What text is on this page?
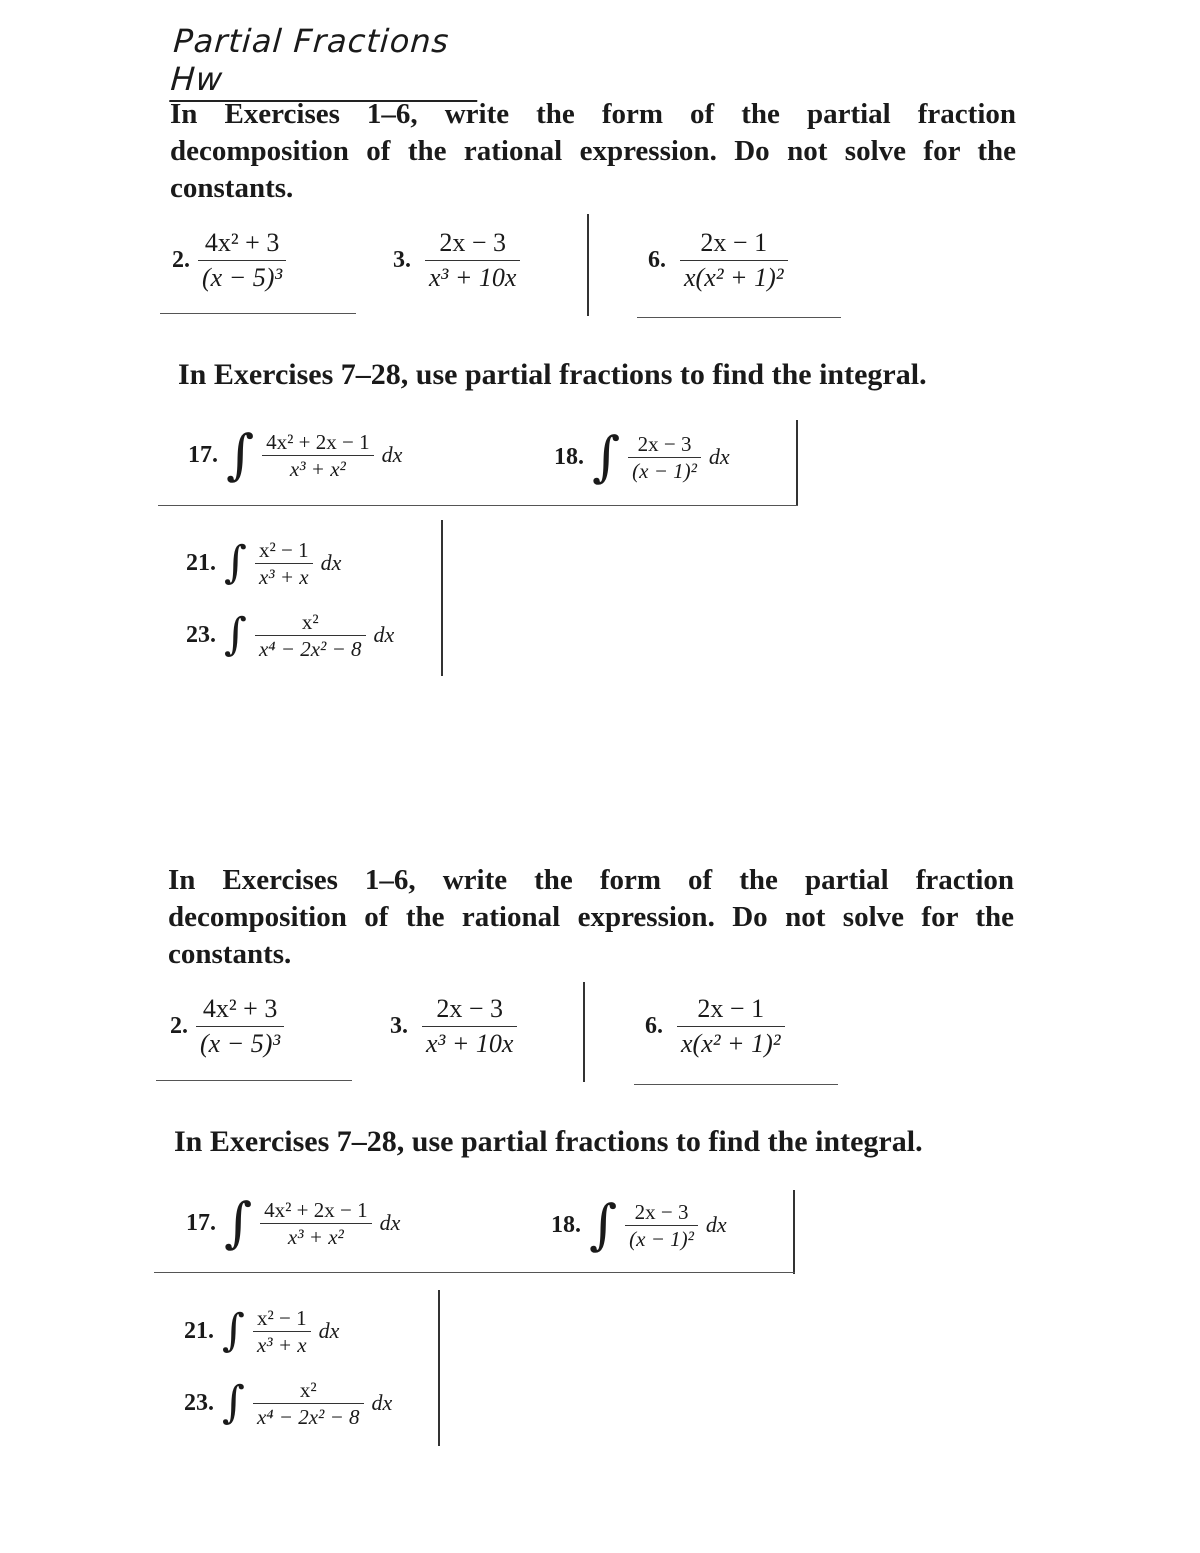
Partial Fractions Hw
In Exercises 1–6, write the form of the partial fraction decomposition of the rational expression. Do not solve for the constants.
2. $\frac{\text{4x² + 3}}{\text{(x − 5)³}}$	3. $\frac{2x - 3}{\text{x³ + 10x}}$	6. $\frac{2x - 1}{\text{x(x² + 1)²}}$
In Exercises 7–28, use partial fractions to find the integral.
17. ∫ $\frac{\text{4x² + 2x − 1}}{\text{x³ + x²}}$ dx	18. ∫ $\frac{2x - 3}{\text{(x − 1)²}}$ dx
21. ∫ $\frac{\text{x² − 1}}{\text{x³ + x}}$ dx
23. ∫ $\frac{\text{x²}}{\text{x⁴ − 2x² − 8}}$ dx
In Exercises 1–6, write the form of the partial fraction decomposition of the rational expression. Do not solve for the constants.
2. $\frac{\text{4x² + 3}}{\text{(x − 5)³}}$	3. $\frac{2x - 3}{\text{x³ + 10x}}$	6. $\frac{2x - 1}{\text{x(x² + 1)²}}$
In Exercises 7–28, use partial fractions to find the integral.
17. ∫ $\frac{\text{4x² + 2x − 1}}{\text{x³ + x²}}$ dx	18. ∫ $\frac{2x - 3}{\text{(x − 1)²}}$ dx
21. ∫ $\frac{\text{x² − 1}}{\text{x³ + x}}$ dx
23. ∫ $\frac{\text{x²}}{\text{x⁴ − 2x² − 8}}$ dx
